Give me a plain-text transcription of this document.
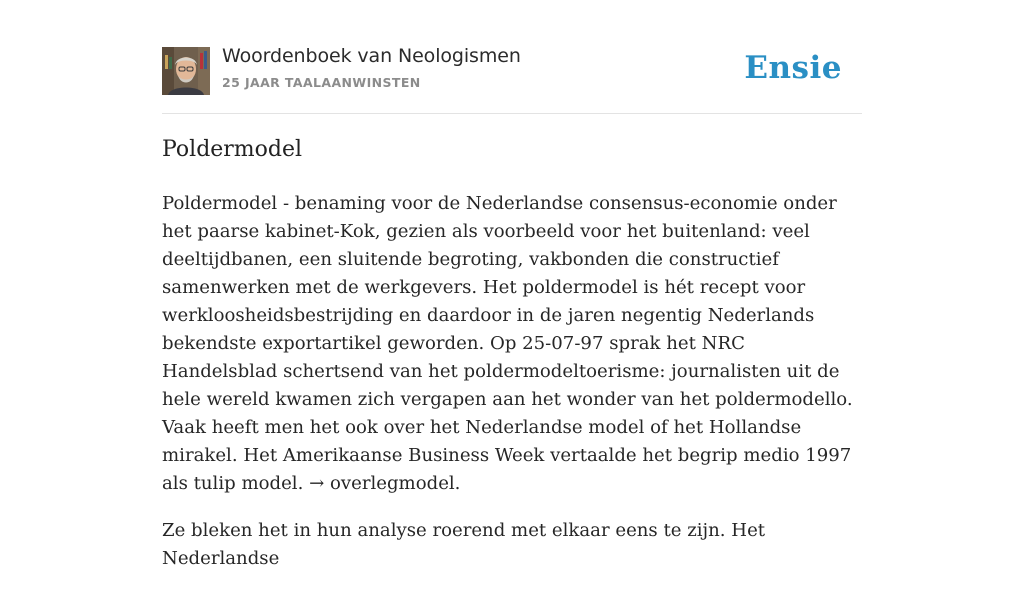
Woordenboek van Neologismen
25 JAAR TAALAANWINSTEN	Ensie
Poldermodel

Poldermodel - benaming voor de Nederlandse consensus-economie onder het paarse kabinet-Kok, gezien als voorbeeld voor het buitenland: veel deeltijdbanen, een sluitende begroting, vakbonden die constructief samenwerken met de werkgevers. Het poldermodel is hét recept voor werkloosheidsbestrijding en daardoor in de jaren negentig Nederlands bekendste exportartikel geworden. Op 25-07-97 sprak het NRC Handelsblad schertsend van het poldermodeltoerisme: journalisten uit de hele wereld kwamen zich vergapen aan het wonder van het poldermodello. Vaak heeft men het ook over het Nederlandse model of het Hollandse mirakel. Het Amerikaanse Business Week vertaalde het begrip medio 1997 als tulip model. → overlegmodel.

Ze bleken het in hun analyse roerend met elkaar eens te zijn. Het Nederlandse
